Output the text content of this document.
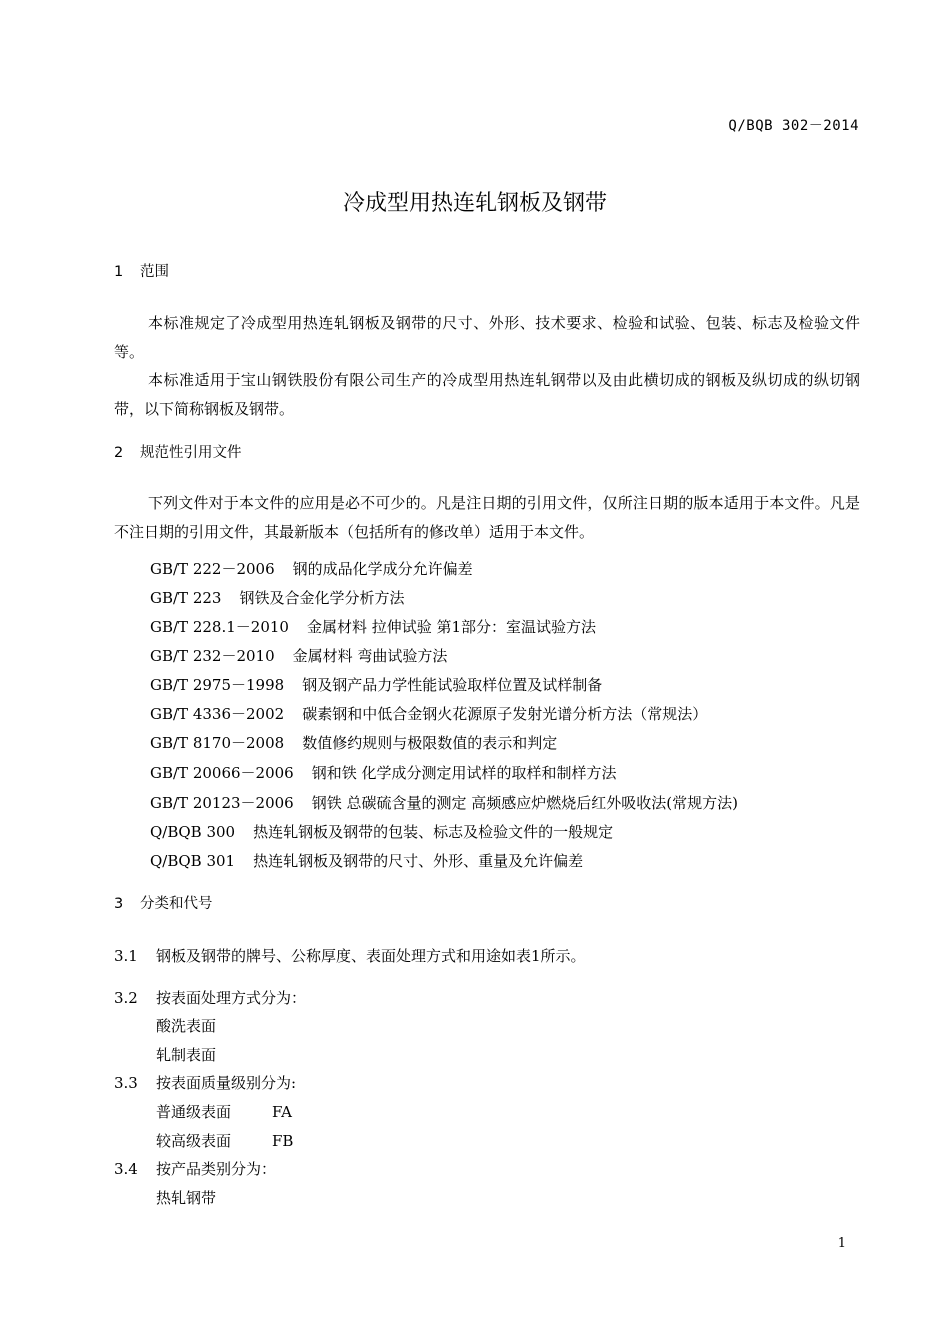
Q/BQB 302－2014
冷成型用热连轧钢板及钢带
1 范围
本标准规定了冷成型用热连轧钢板及钢带的尺寸、外形、技术要求、检验和试验、包装、标志及检验文件等。
本标准适用于宝山钢铁股份有限公司生产的冷成型用热连轧钢带以及由此横切成的钢板及纵切成的纵切钢带，以下简称钢板及钢带。
2 规范性引用文件
下列文件对于本文件的应用是必不可少的。凡是注日期的引用文件，仅所注日期的版本适用于本文件。凡是不注日期的引用文件，其最新版本（包括所有的修改单）适用于本文件。
GB/T 222－2006 钢的成品化学成分允许偏差
GB/T 223 钢铁及合金化学分析方法
GB/T 228.1－2010 金属材料 拉伸试验 第1部分：室温试验方法
GB/T 232－2010 金属材料 弯曲试验方法
GB/T 2975－1998 钢及钢产品力学性能试验取样位置及试样制备
GB/T 4336－2002 碳素钢和中低合金钢火花源原子发射光谱分析方法（常规法）
GB/T 8170－2008 数值修约规则与极限数值的表示和判定
GB/T 20066－2006 钢和铁 化学成分测定用试样的取样和制样方法
GB/T 20123－2006 钢铁 总碳硫含量的测定 高频感应炉燃烧后红外吸收法(常规方法)
Q/BQB 300 热连轧钢板及钢带的包装、标志及检验文件的一般规定
Q/BQB 301 热连轧钢板及钢带的尺寸、外形、重量及允许偏差
3 分类和代号
3.1 钢板及钢带的牌号、公称厚度、表面处理方式和用途如表1所示。
3.2 按表面处理方式分为：
酸洗表面
轧制表面
3.3 按表面质量级别分为:
普通级表面	FA
较高级表面	FB
3.4 按产品类别分为：
热轧钢带
1
